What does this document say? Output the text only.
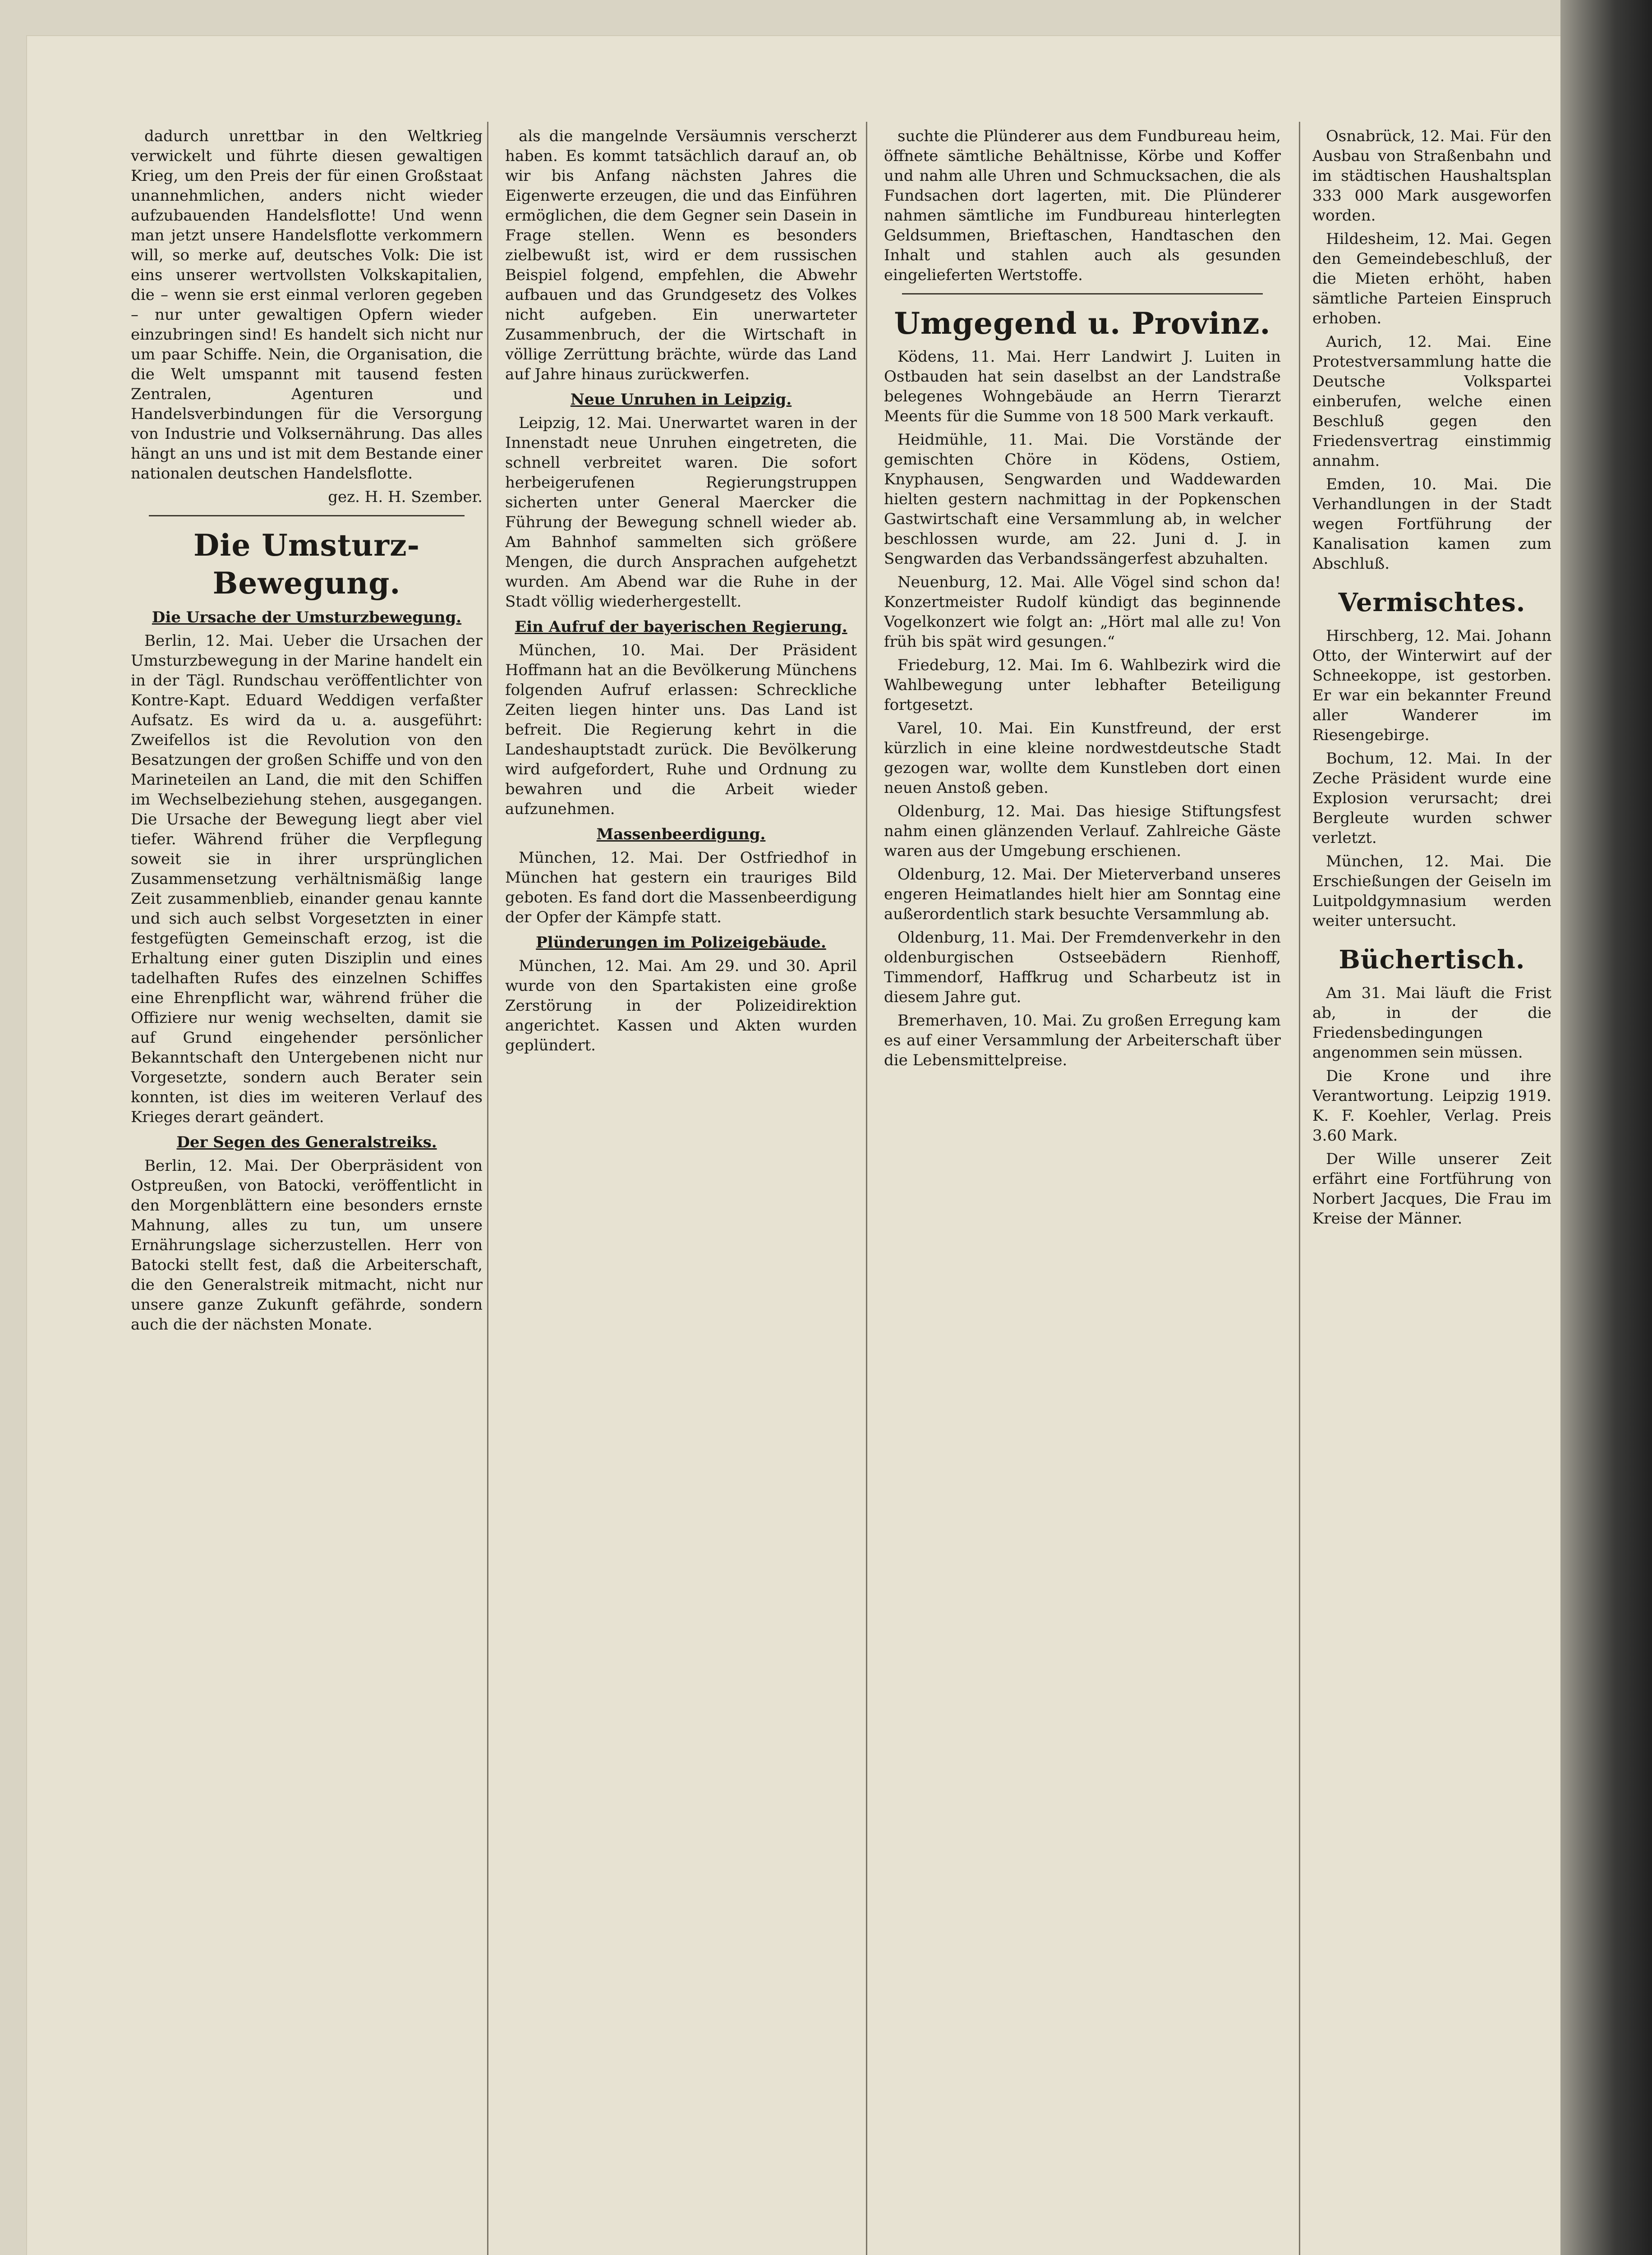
dadurch unrettbar in den Weltkrieg verwickelt und führte diesen gewaltigen Krieg, um den Preis der für einen Großstaat unannehmlichen, anders nicht wieder aufzubauenden Handelsflotte! Und wenn man jetzt unsere Handelsflotte verkommern will, so merke auf, deutsches Volk: Die ist eins unserer wertvollsten Volkskapitalien, die – wenn sie erst einmal verloren gegeben – nur unter gewaltigen Opfern wieder einzubringen sind! Es handelt sich nicht nur um paar Schiffe. Nein, die Organisation, die die Welt umspannt mit tausend festen Zentralen, Agenturen und Handelsverbindungen für die Versorgung von Industrie und Volksernährung. Das alles hängt an uns und ist mit dem Bestande einer nationalen deutschen Handelsflotte.

gez. H. H. Szember.

Die Umsturz-Bewegung.
Die Ursache der Umsturzbewegung.

Berlin, 12. Mai. Ueber die Ursachen der Umsturzbewegung in der Marine handelt ein in der Tägl. Rundschau veröffentlichter von Kontre-Kapt. Eduard Weddigen verfaßter Aufsatz. Es wird da u. a. ausgeführt: Zweifellos ist die Revolution von den Besatzungen der großen Schiffe und von den Marineteilen an Land, die mit den Schiffen im Wechselbeziehung stehen, ausgegangen. Die Ursache der Bewegung liegt aber viel tiefer. Während früher die Verpflegung soweit sie in ihrer ursprünglichen Zusammensetzung verhältnismäßig lange Zeit zusammenblieb, einander genau kannte und sich auch selbst Vorgesetzten in einer festgefügten Gemeinschaft erzog, ist die Erhaltung einer guten Disziplin und eines tadelhaften Rufes des einzelnen Schiffes eine Ehrenpflicht war, während früher die Offiziere nur wenig wechselten, damit sie auf Grund eingehender persönlicher Bekanntschaft den Untergebenen nicht nur Vorgesetzte, sondern auch Berater sein konnten, ist dies im weiteren Verlauf des Krieges derart geändert.

Der Segen des Generalstreiks.

Berlin, 12. Mai. Der Oberpräsident von Ostpreußen, von Batocki, veröffentlicht in den Morgenblättern eine besonders ernste Mahnung, alles zu tun, um unsere Ernährungslage sicherzustellen. Herr von Batocki stellt fest, daß die Arbeiterschaft, die den Generalstreik mitmacht, nicht nur unsere ganze Zukunft gefährde, sondern auch die der nächsten Monate.

als die mangelnde Versäumnis verscherzt haben. Es kommt tatsächlich darauf an, ob wir bis Anfang nächsten Jahres die Eigenwerte erzeugen, die und das Einführen ermöglichen, die dem Gegner sein Dasein in Frage stellen. Wenn es besonders zielbewußt ist, wird er dem russischen Beispiel folgend, empfehlen, die Abwehr aufbauen und das Grundgesetz des Volkes nicht aufgeben. Ein unerwarteter Zusammenbruch, der die Wirtschaft in völlige Zerrüttung brächte, würde das Land auf Jahre hinaus zurückwerfen.

Neue Unruhen in Leipzig.

Leipzig, 12. Mai. Unerwartet waren in der Innenstadt neue Unruhen eingetreten, die schnell verbreitet waren. Die sofort herbeigerufenen Regierungstruppen sicherten unter General Maercker die Führung der Bewegung schnell wieder ab. Am Bahnhof sammelten sich größere Mengen, die durch Ansprachen aufgehetzt wurden. Am Abend war die Ruhe in der Stadt völlig wiederhergestellt.

Ein Aufruf der bayerischen Regierung.

München, 10. Mai. Der Präsident Hoffmann hat an die Bevölkerung Münchens folgenden Aufruf erlassen: Schreckliche Zeiten liegen hinter uns. Das Land ist befreit. Die Regierung kehrt in die Landeshauptstadt zurück. Die Bevölkerung wird aufgefordert, Ruhe und Ordnung zu bewahren und die Arbeit wieder aufzunehmen.

Massenbeerdigung.

München, 12. Mai. Der Ostfriedhof in München hat gestern ein trauriges Bild geboten. Es fand dort die Massenbeerdigung der Opfer der Kämpfe statt.

Plünderungen im Polizeigebäude.

München, 12. Mai. Am 29. und 30. April wurde von den Spartakisten eine große Zerstörung in der Polizeidirektion angerichtet. Kassen und Akten wurden geplündert.

suchte die Plünderer aus dem Fundbureau heim, öffnete sämtliche Behältnisse, Körbe und Koffer und nahm alle Uhren und Schmucksachen, die als Fundsachen dort lagerten, mit. Die Plünderer nahmen sämtliche im Fundbureau hinterlegten Geldsummen, Brieftaschen, Handtaschen den Inhalt und stahlen auch als gesunden eingelieferten Wertstoffe.

Umgegend u. Provinz.

Ködens, 11. Mai. Herr Landwirt J. Luiten in Ostbauden hat sein daselbst an der Landstraße belegenes Wohngebäude an Herrn Tierarzt Meents für die Summe von 18 500 Mark verkauft.

Heidmühle, 11. Mai. Die Vorstände der gemischten Chöre in Ködens, Ostiem, Knyphausen, Sengwarden und Waddewarden hielten gestern nachmittag in der Popkenschen Gastwirtschaft eine Versammlung ab, in welcher beschlossen wurde, am 22. Juni d. J. in Sengwarden das Verbandssängerfest abzuhalten.

Neuenburg, 12. Mai. Alle Vögel sind schon da! Konzertmeister Rudolf kündigt das beginnende Vogelkonzert wie folgt an: „Hört mal alle zu! Von früh bis spät wird gesungen.“

Friedeburg, 12. Mai. Im 6. Wahlbezirk wird die Wahlbewegung unter lebhafter Beteiligung fortgesetzt.

Varel, 10. Mai. Ein Kunstfreund, der erst kürzlich in eine kleine nordwestdeutsche Stadt gezogen war, wollte dem Kunstleben dort einen neuen Anstoß geben.

Oldenburg, 12. Mai. Das hiesige Stiftungsfest nahm einen glänzenden Verlauf. Zahlreiche Gäste waren aus der Umgebung erschienen.

Oldenburg, 12. Mai. Der Mieterverband unseres engeren Heimatlandes hielt hier am Sonntag eine außerordentlich stark besuchte Versammlung ab.

Oldenburg, 11. Mai. Der Fremdenverkehr in den oldenburgischen Ostseebädern Rienhoff, Timmendorf, Haffkrug und Scharbeutz ist in diesem Jahre gut.

Bremerhaven, 10. Mai. Zu großen Erregung kam es auf einer Versammlung der Arbeiterschaft über die Lebensmittelpreise.

Osnabrück, 12. Mai. Für den Ausbau von Straßenbahn und im städtischen Haushaltsplan 333 000 Mark ausgeworfen worden.

Hildesheim, 12. Mai. Gegen den Gemeindebeschluß, der die Mieten erhöht, haben sämtliche Parteien Einspruch erhoben.

Aurich, 12. Mai. Eine Protestversammlung hatte die Deutsche Volkspartei einberufen, welche einen Beschluß gegen den Friedensvertrag einstimmig annahm.

Emden, 10. Mai. Die Verhandlungen in der Stadt wegen Fortführung der Kanalisation kamen zum Abschluß.

Vermischtes.

Hirschberg, 12. Mai. Johann Otto, der Winterwirt auf der Schneekoppe, ist gestorben. Er war ein bekannter Freund aller Wanderer im Riesengebirge.

Bochum, 12. Mai. In der Zeche Präsident wurde eine Explosion verursacht; drei Bergleute wurden schwer verletzt.

München, 12. Mai. Die Erschießungen der Geiseln im Luitpoldgymnasium werden weiter untersucht.

Büchertisch.

Am 31. Mai läuft die Frist ab, in der die Friedensbedingungen angenommen sein müssen.

Die Krone und ihre Verantwortung. Leipzig 1919. K. F. Koehler, Verlag. Preis 3.60 Mark.

Der Wille unserer Zeit erfährt eine Fortführung von Norbert Jacques, Die Frau im Kreise der Männer.
